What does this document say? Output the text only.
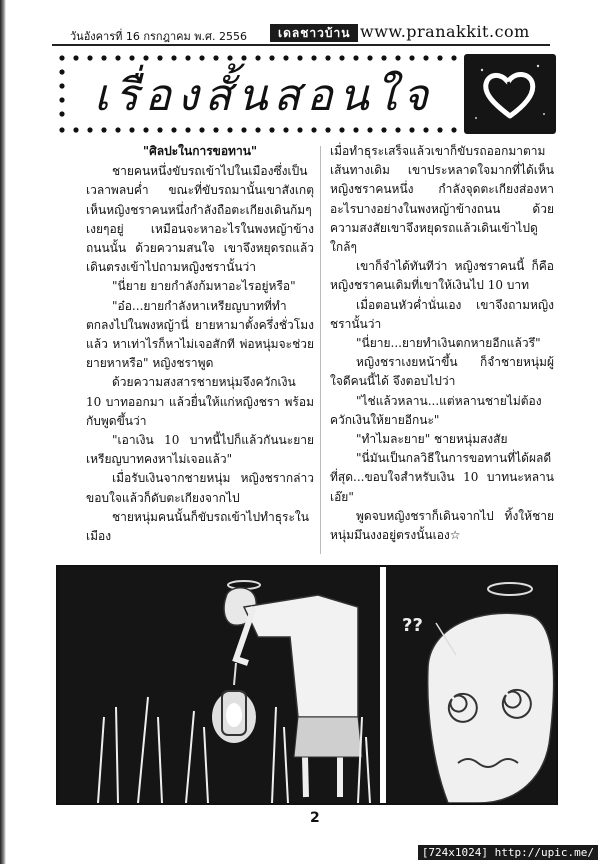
วันอังคารที่ 16 กรกฎาคม พ.ศ. 2556	เดลชาวบ้าน www.pranakkit.com
เรื่องสั้นสอนใจ

"ศิลปะในการขอทาน"

ชายคนหนึ่งขับรถเข้าไปในเมืองซึ่งเป็นเวลาพลบค่ำ ขณะที่ขับรถมานั้นเขาสังเกตุเห็นหญิงชราคนหนึ่งกำลังถือตะเกียงเดินก้มๆ เงยๆอยู่ เหมือนจะหาอะไรในพงหญ้าข้างถนนนั้น ด้วยความสนใจ เขาจึงหยุดรถแล้วเดินตรงเข้าไปถามหญิงชรานั้นว่า

"นี่ยาย ยายกำลังก้มหาอะไรอยู่หรือ"

"อ๋อ...ยายกำลังหาเหรียญบาทที่ทำตกลงไปในพงหญ้านี่ ยายหามาตั้งครึ่งชั่วโมงแล้ว หาเท่าไรก็หาไม่เจอสักที พ่อหนุ่มจะช่วยยายหาหรือ" หญิงชราพูด

ด้วยความสงสารชายหนุ่มจึงควักเงิน 10 บาทออกมา แล้วยื่นให้แก่หญิงชรา พร้อมกับพูดขึ้นว่า

"เอาเงิน 10 บาทนี้ไปก็แล้วกันนะยาย เหรียญบาทคงหาไม่เจอแล้ว"

เมื่อรับเงินจากชายหนุ่ม หญิงชรากล่าวขอบใจแล้วก็ดับตะเกียงจากไป

ชายหนุ่มคนนั้นก็ขับรถเข้าไปทำธุระในเมือง

เมื่อทำธุระเสร็จแล้วเขาก็ขับรถออกมาตามเส้นทางเดิม เขาประหลาดใจมากที่ได้เห็นหญิงชราคนหนึ่ง กำลังจุดตะเกียงส่องหาอะไรบางอย่างในพงหญ้าข้างถนน ด้วยความสงสัยเขาจึงหยุดรถแล้วเดินเข้าไปดูใกล้ๆ

เขาก็จำได้ทันทีว่า หญิงชราคนนี้ ก็คือหญิงชราคนเดิมที่เขาให้เงินไป 10 บาท

เมื่อตอนหัวค่ำนั่นเอง เขาจึงถามหญิงชรานั้นว่า

"นี่ยาย...ยายทำเงินตกหายอีกแล้วรึ"

หญิงชราเงยหน้าขึ้น ก็จำชายหนุ่มผู้ใจดีคนนี้ได้ จึงตอบไปว่า

"ไช่แล้วหลาน...แต่หลานชายไม่ต้องควักเงินให้ยายอีกนะ"

"ทำไมละยาย" ชายหนุ่มสงสัย

"นี่มันเป็นกลวิธีในการขอทานที่ได้ผลดีที่สุด...ขอบใจสำหรับเงิน 10 บาทนะหลานเอ๊ย"

พูดจบหญิงชราก็เดินจากไป ทิ้งให้ชายหนุ่มมึนงงอยู่ตรงนั้นเอง☆

??
2
[724x1024] http://upic.me/
